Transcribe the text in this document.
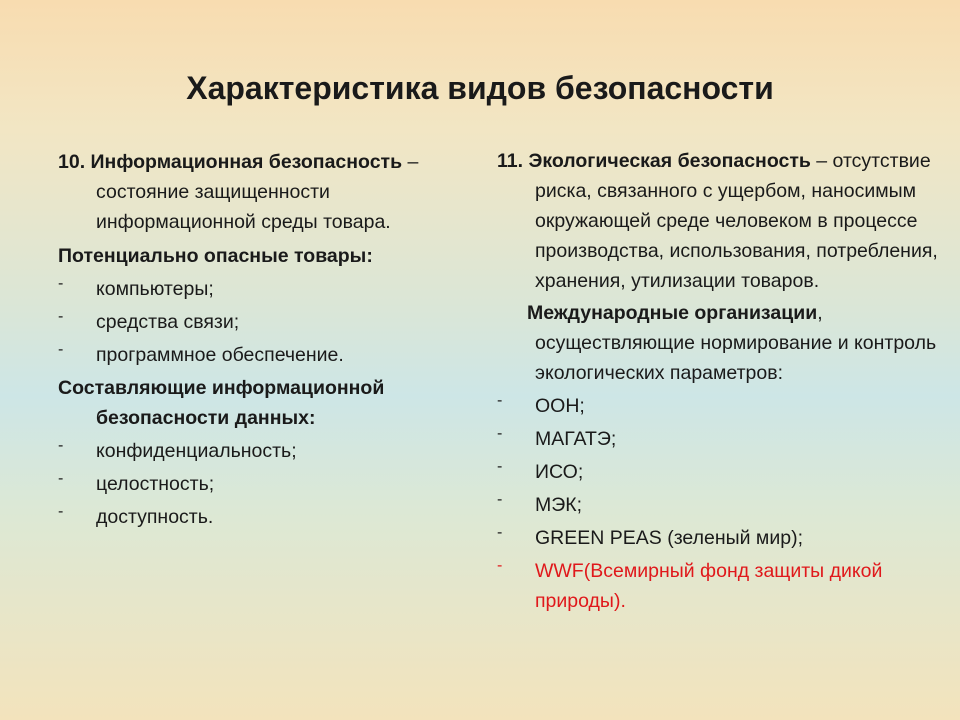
Характеристика видов безопасности

10. Информационная безопасность – состояние защищенности информационной среды товара.

Потенциально опасные товары:

- компьютеры;
- средства связи;
- программное обеспечение.

Составляющие информационной безопасности данных:

- конфиденциальность;
- целостность;
- доступность.

11. Экологическая безопасность – отсутствие риска, связанного с ущербом, наносимым окружающей среде человеком в процессе производства, использования, потребления, хранения, утилизации товаров.

Международные организации, осуществляющие нормирование и контроль экологических параметров:

- ООН;
- МАГАТЭ;
- ИСО;
- МЭК;
- GREEN PEAS (зеленый мир);
- WWF(Всемирный фонд защиты дикой природы).
